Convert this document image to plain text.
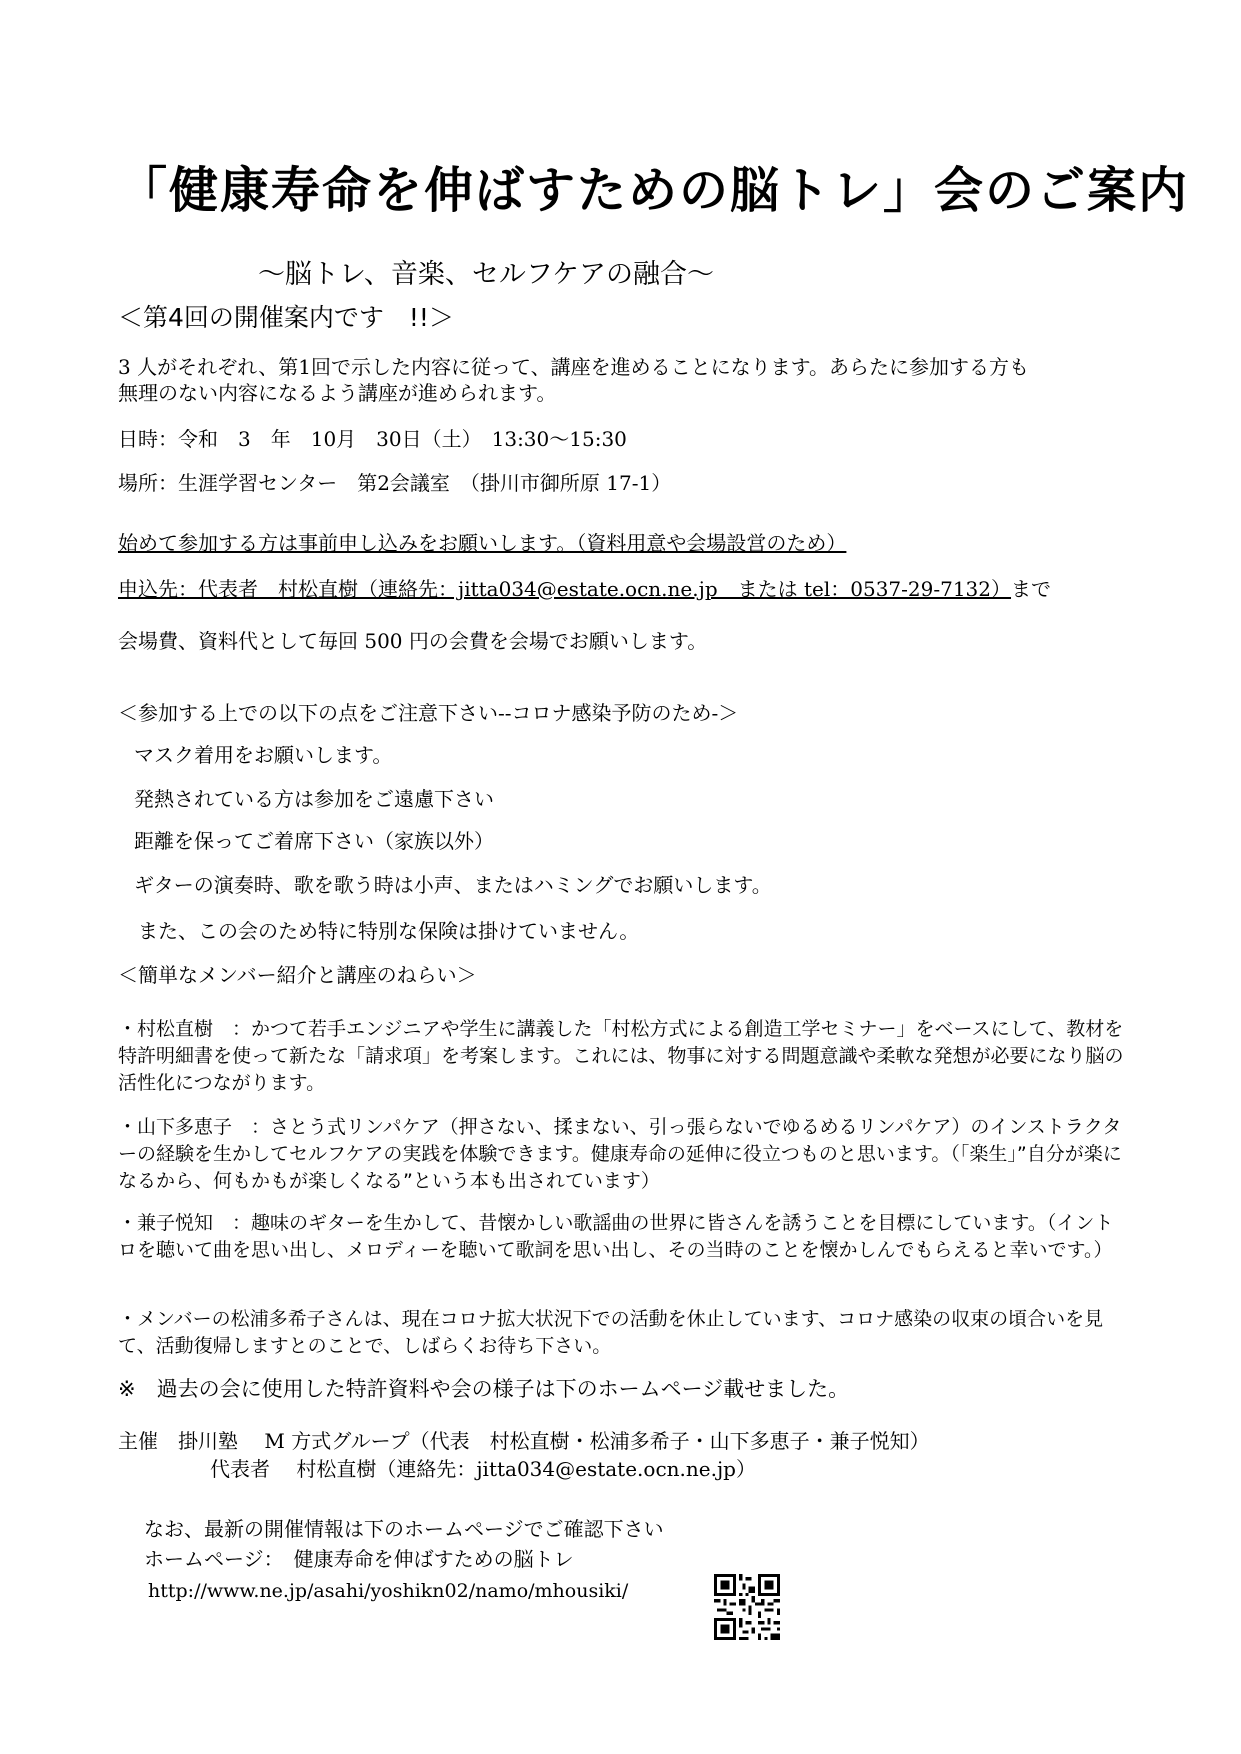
「健康寿命を伸ばすための脳トレ」会のご案内
～脳トレ、音楽、セルフケアの融合～
＜第4回の開催案内です　!!＞
3 人がそれぞれ、第1回で示した内容に従って、講座を進めることになります。あらたに参加する方も
無理のない内容になるよう講座が進められます。
日時：令和　3　年　10月　30日（土）　13:30～15:30
場所：生涯学習センター　第2会議室　（掛川市御所原 17-1）
始めて参加する方は事前申し込みをお願いします。（資料用意や会場設営のため）
申込先：代表者　村松直樹（連絡先：jitta034@estate.ocn.ne.jp　または tel：0537-29-7132）まで
会場費、資料代として毎回 500 円の会費を会場でお願いします。
＜参加する上での以下の点をご注意下さい--コロナ感染予防のため-＞
マスク着用をお願いします。
発熱されている方は参加をご遠慮下さい
距離を保ってご着席下さい（家族以外）
ギターの演奏時、歌を歌う時は小声、またはハミングでお願いします。
また、この会のため特に特別な保険は掛けていません。
＜簡単なメンバー紹介と講座のねらい＞
・村松直樹　：かつて若手エンジニアや学生に講義した「村松方式による創造工学セミナー」をベースにして、教材を特許明細書を使って新たな「請求項」を考案します。これには、物事に対する問題意識や柔軟な発想が必要になり脳の活性化につながります。
・山下多恵子　：さとう式リンパケア（押さない、揉まない、引っ張らないでゆるめるリンパケア）のインストラクターの経験を生かしてセルフケアの実践を体験できます。健康寿命の延伸に役立つものと思います。（「楽生」”自分が楽になるから、何もかもが楽しくなる”という本も出されています）
・兼子悦知　：趣味のギターを生かして、昔懐かしい歌謡曲の世界に皆さんを誘うことを目標にしています。（イントロを聴いて曲を思い出し、メロディーを聴いて歌詞を思い出し、その当時のことを懐かしんでもらえると幸いです。）
・メンバーの松浦多希子さんは、現在コロナ拡大状況下での活動を休止しています、コロナ感染の収束の頃合いを見て、活動復帰しますとのことで、しばらくお待ち下さい。
※　過去の会に使用した特許資料や会の様子は下のホームページ載せました。
主催　掛川塾　 M 方式グループ（代表　村松直樹・松浦多希子・山下多恵子・兼子悦知）
代表者　 村松直樹（連絡先：jitta034@estate.ocn.ne.jp）
なお、最新の開催情報は下のホームページでご確認下さい
ホームページ：　健康寿命を伸ばすための脳トレ
http://www.ne.jp/asahi/yoshikn02/namo/mhousiki/
